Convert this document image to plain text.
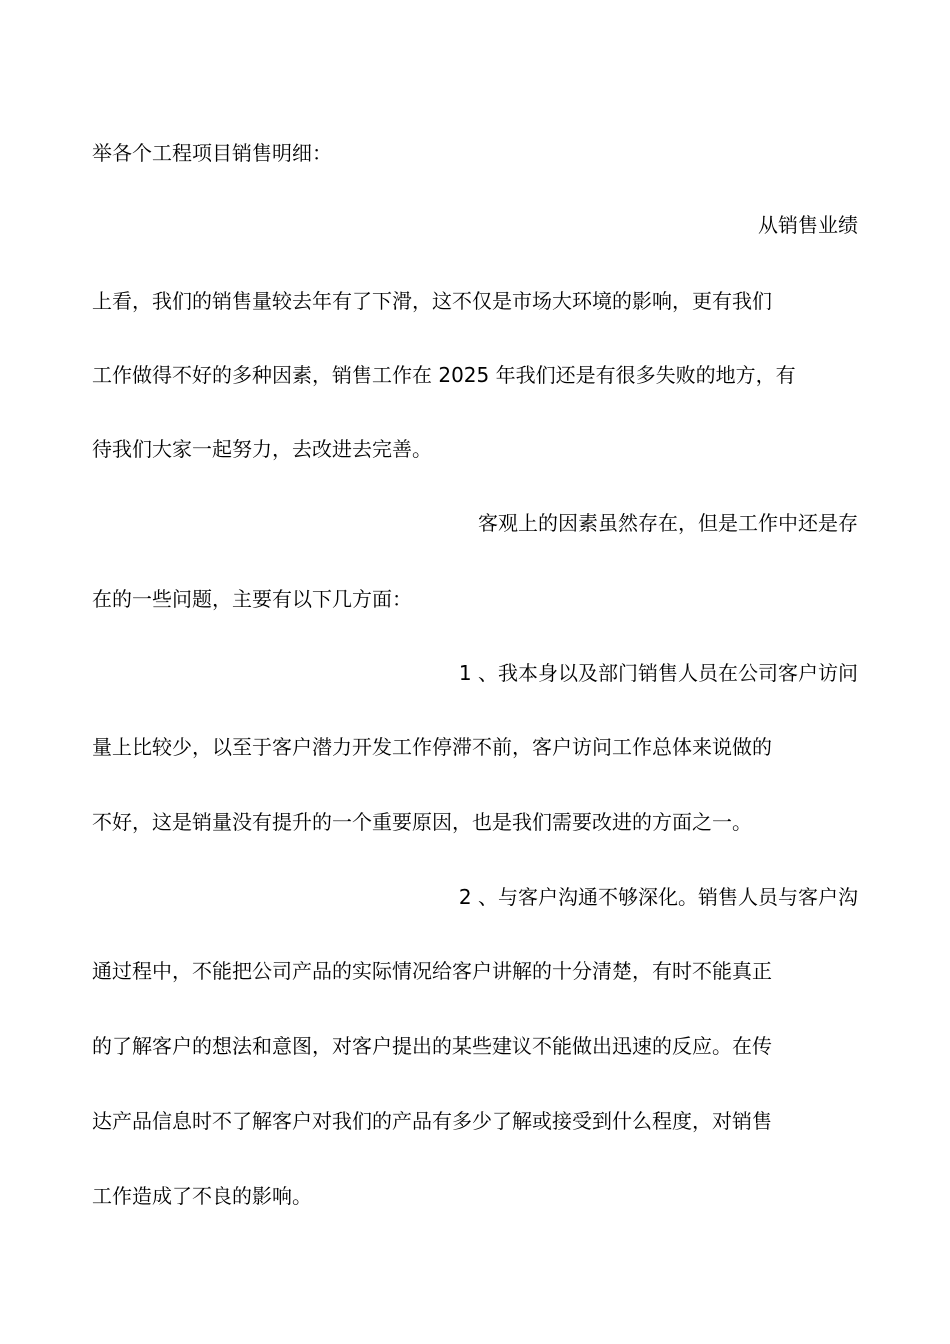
举各个工程项目销售明细：
从销售业绩
上看，我们的销售量较去年有了下滑，这不仅是市场大环境的影响，更有我们
工作做得不好的多种因素，销售工作在 2025 年我们还是有很多失败的地方，有
待我们大家一起努力，去改进去完善。
客观上的因素虽然存在，但是工作中还是存
在的一些问题，主要有以下几方面：
1 、我本身以及部门销售人员在公司客户访问
量上比较少，以至于客户潜力开发工作停滞不前，客户访问工作总体来说做的
不好，这是销量没有提升的一个重要原因，也是我们需要改进的方面之一。
2 、与客户沟通不够深化。销售人员与客户沟
通过程中，不能把公司产品的实际情况给客户讲解的十分清楚，有时不能真正
的了解客户的想法和意图，对客户提出的某些建议不能做出迅速的反应。在传
达产品信息时不了解客户对我们的产品有多少了解或接受到什么程度，对销售
工作造成了不良的影响。
